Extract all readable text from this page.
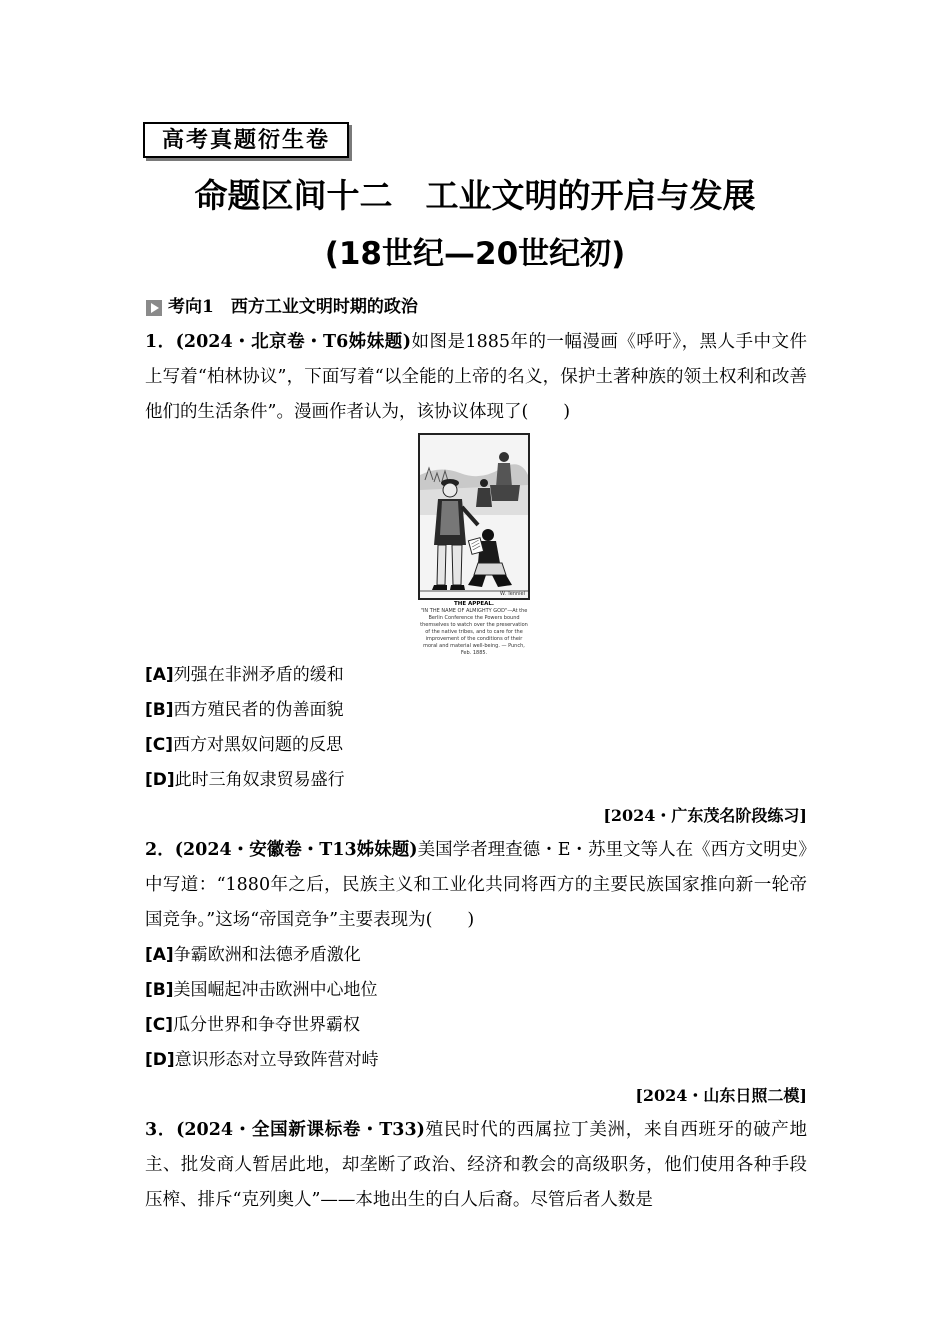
高考真题衍生卷
命题区间十二　工业文明的开启与发展
(18世纪—20世纪初)
考向1　西方工业文明时期的政治
1．(2024・北京卷・T6姊妹题)如图是1885年的一幅漫画《呼吁》，黑人手中文件上写着“柏林协议”，下面写着“以全能的上帝的名义，保护土著种族的领土权利和改善他们的生活条件”。漫画作者认为，该协议体现了(　　)
W. Tenniel
THE APPEAL.
"IN THE NAME OF ALMIGHTY GOD"—At the Berlin Conference the Powers bound themselves to watch over the preservation of the native tribes, and to care for the improvement of the conditions of their moral and material well-being. — Punch, Feb. 1885.
[A]列强在非洲矛盾的缓和
[B]西方殖民者的伪善面貌
[C]西方对黑奴问题的反思
[D]此时三角奴隶贸易盛行
[2024・广东茂名阶段练习]
2．(2024・安徽卷・T13姊妹题)美国学者理查德・E・苏里文等人在《西方文明史》中写道：“1880年之后，民族主义和工业化共同将西方的主要民族国家推向新一轮帝国竞争。”这场“帝国竞争”主要表现为(　　)
[A]争霸欧洲和法德矛盾激化
[B]美国崛起冲击欧洲中心地位
[C]瓜分世界和争夺世界霸权
[D]意识形态对立导致阵营对峙
[2024・山东日照二模]
3．(2024・全国新课标卷・T33)殖民时代的西属拉丁美洲，来自西班牙的破产地主、批发商人暂居此地，却垄断了政治、经济和教会的高级职务，他们使用各种手段压榨、排斥“克列奥人”——本地出生的白人后裔。尽管后者人数是
